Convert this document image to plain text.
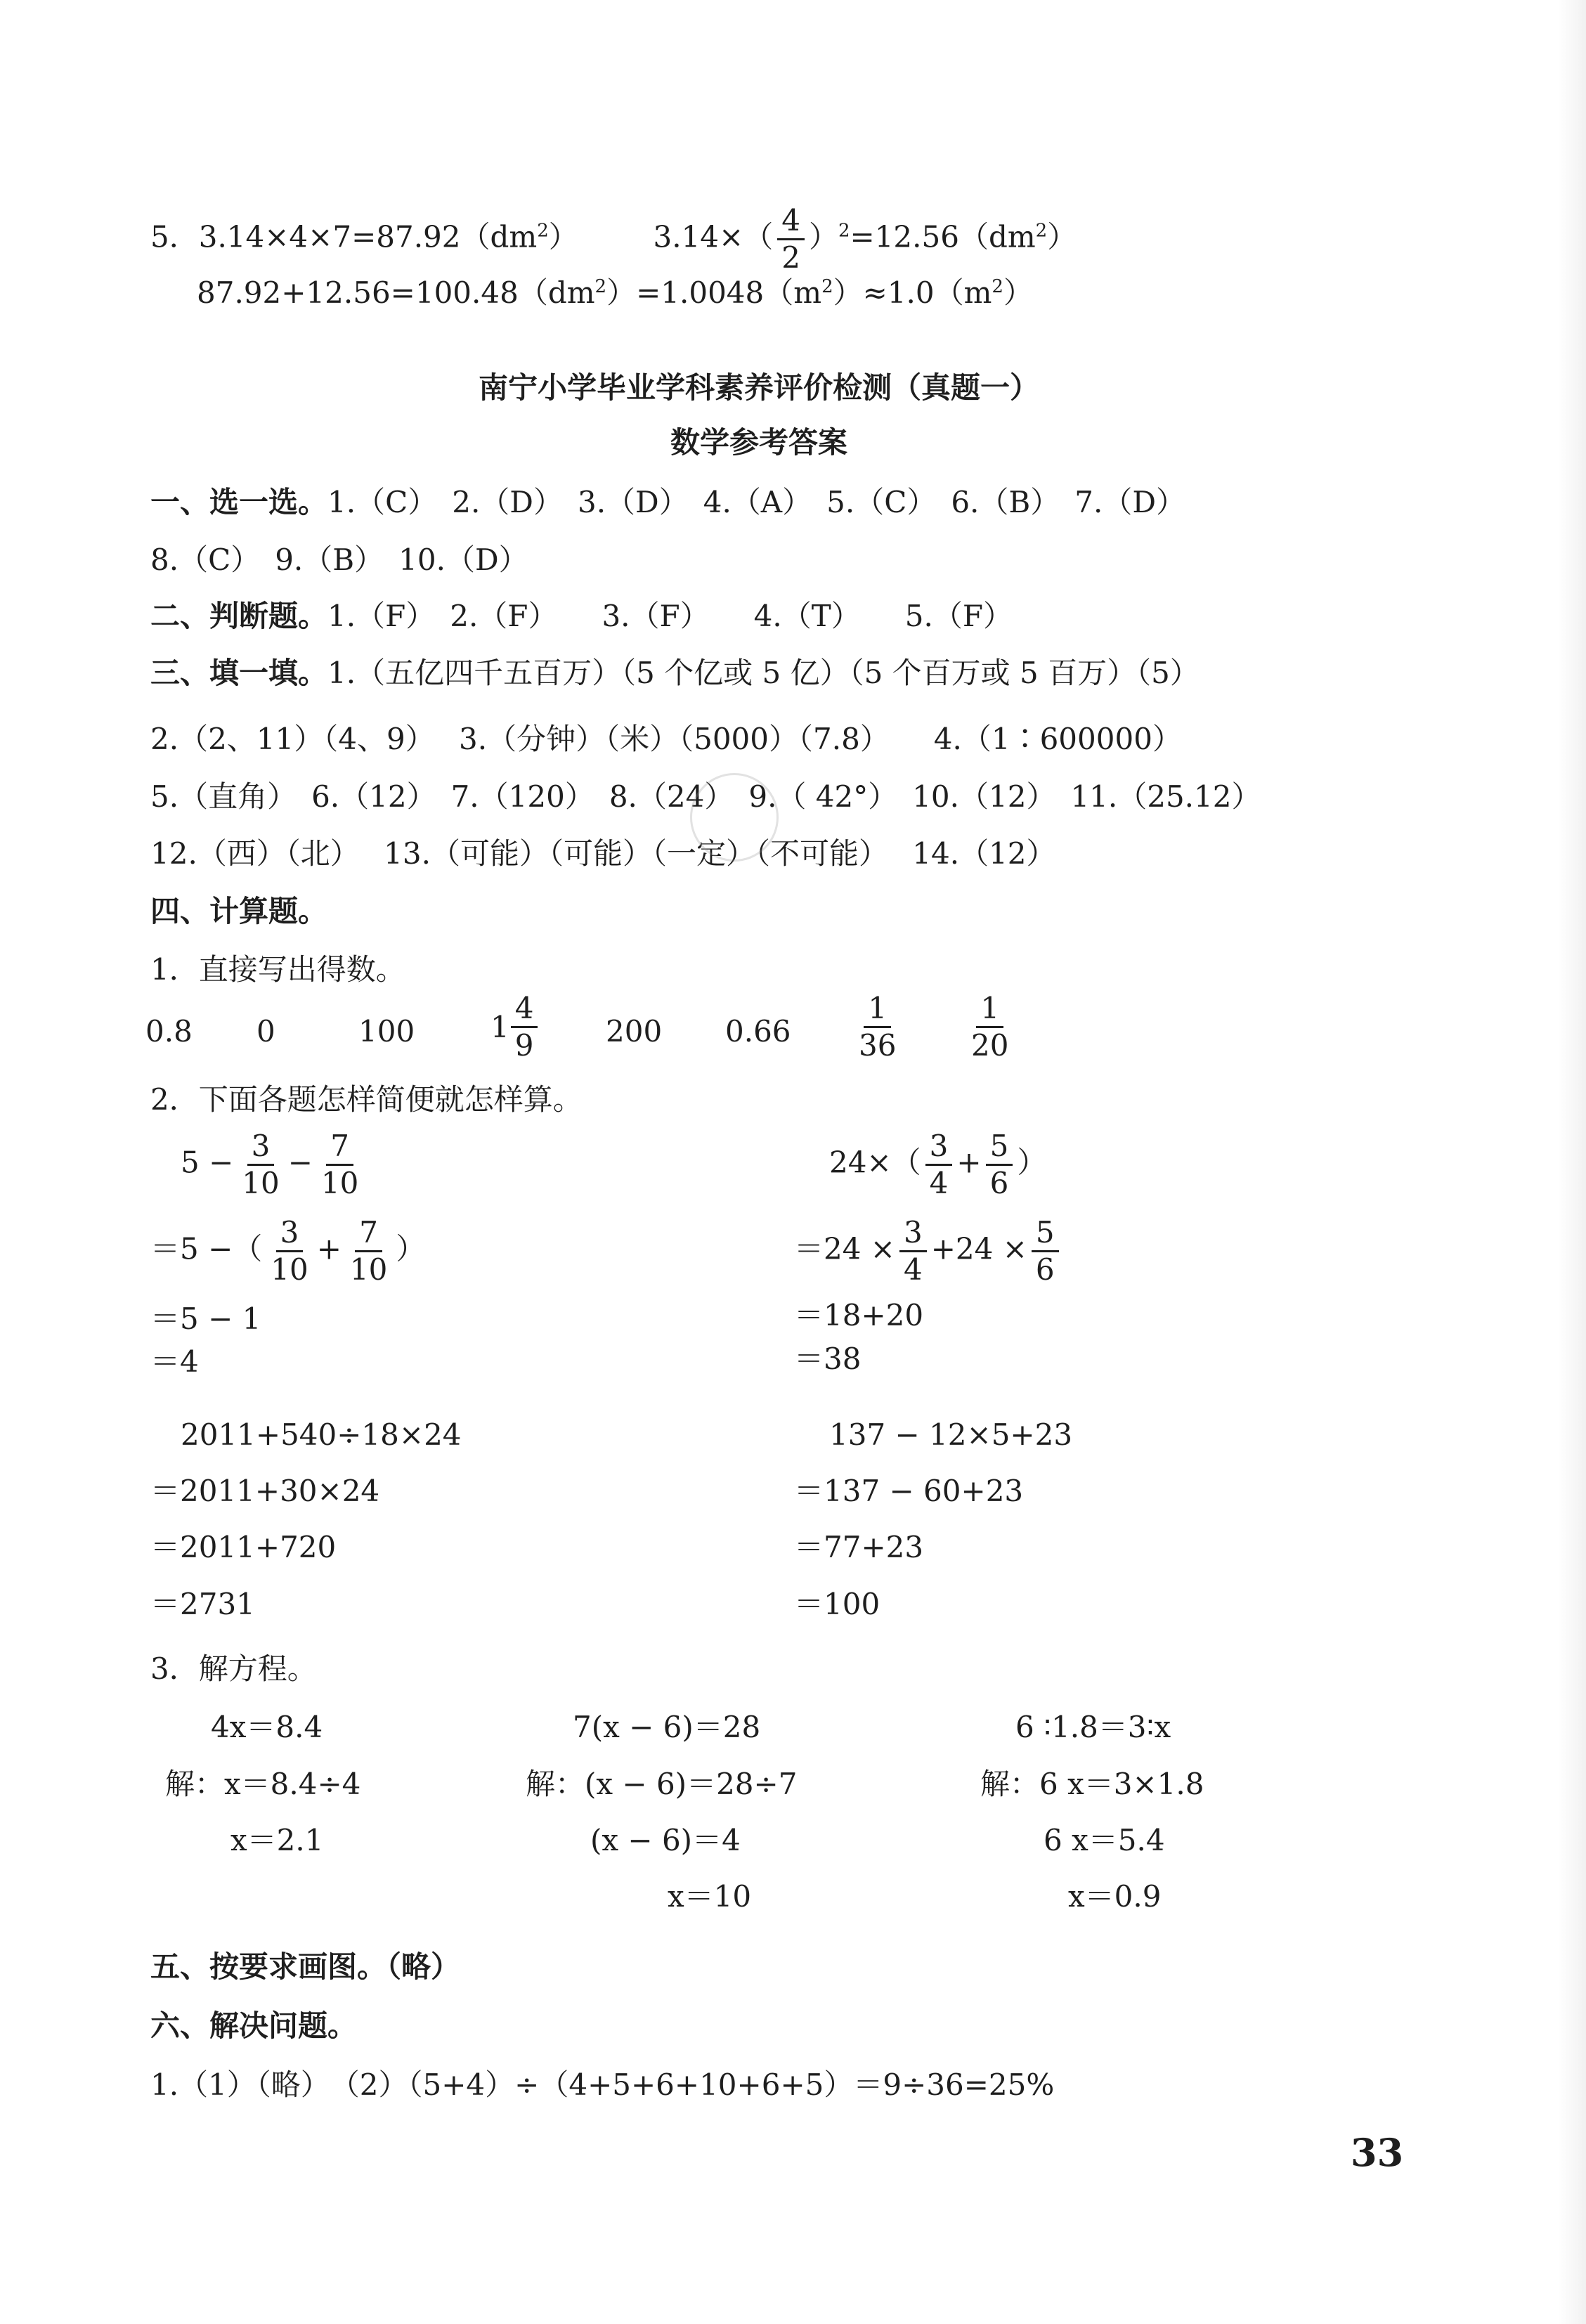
5．$3.14\times 4\times 7=87.92(dm^2)$	$3.14\times( \frac{4}{2} )^2=12.56(dm^2)$
$87.92+12.56=100.48(dm^2)=1.0048(m^2)\approx 1.0(m^2)$
南宁小学毕业学科素养评价检测（真题一）
数学参考答案
一、选一选。1.（C）　2.（D）　3.（D）　4.（A）　5.（C）　6.（B）　7.（D）
8.（C）　9.（B）　10.（D）
二、判断题。1.（F）　2.（F）　　3.（F）　　4.（T）　　5.（F）
三、填一填。1.（五亿四千五百万）（5 个亿或 5 亿）（5 个百万或 5 百万）（5）
2.（2、11）（4、9）　 3.（分钟）（米）（5000）（7.8）　　4.（1∶600000）
5.（直角）　6.（12）　7.（120）　8.（24）　9.（ 42°）　10.（12）　11.（25.12）
12.（西）（北）　 13.（可能）（可能）（一定）（不可能）　 14.（12）
四、计算题。
1．直接写出得数。
0.8 0	100	$1 \frac{4}{9} 200$ $0.66 \frac{1}{36} \frac{1}{20}$
2．下面各题怎样简便就怎样算。
$5 - \frac{3}{10} - \frac{7}{10}$
＝5 −（ $\frac{3}{10} + \frac{7}{10}$ ）
＝5 − 1
＝4
$24\times( \frac{3}{4} + \frac{5}{6}$ ）
$=24 \times \frac{3}{4} +24 \times \frac{5}{6}$
＝18+20
＝38
2011+540÷18×24
＝2011+30×24
＝2011+720
＝2731
137 − 12×5+23
＝137 − 60+23
＝77+23
＝100
3．解方程。
4x＝8.4
解：x＝8.4÷4
x＝2.1
7(x − 6)＝28
解：(x − 6)＝28÷7
(x − 6)＝4
x＝10
6 ∶1.8＝3∶x
解：6 x＝3×1.8
6 x＝5.4
x＝0.9
五、按要求画图。（略）
六、解决问题。
1.（1）（略）　（2）（5+4）÷（4+5+6+10+6+5）＝9÷36=25%
33
